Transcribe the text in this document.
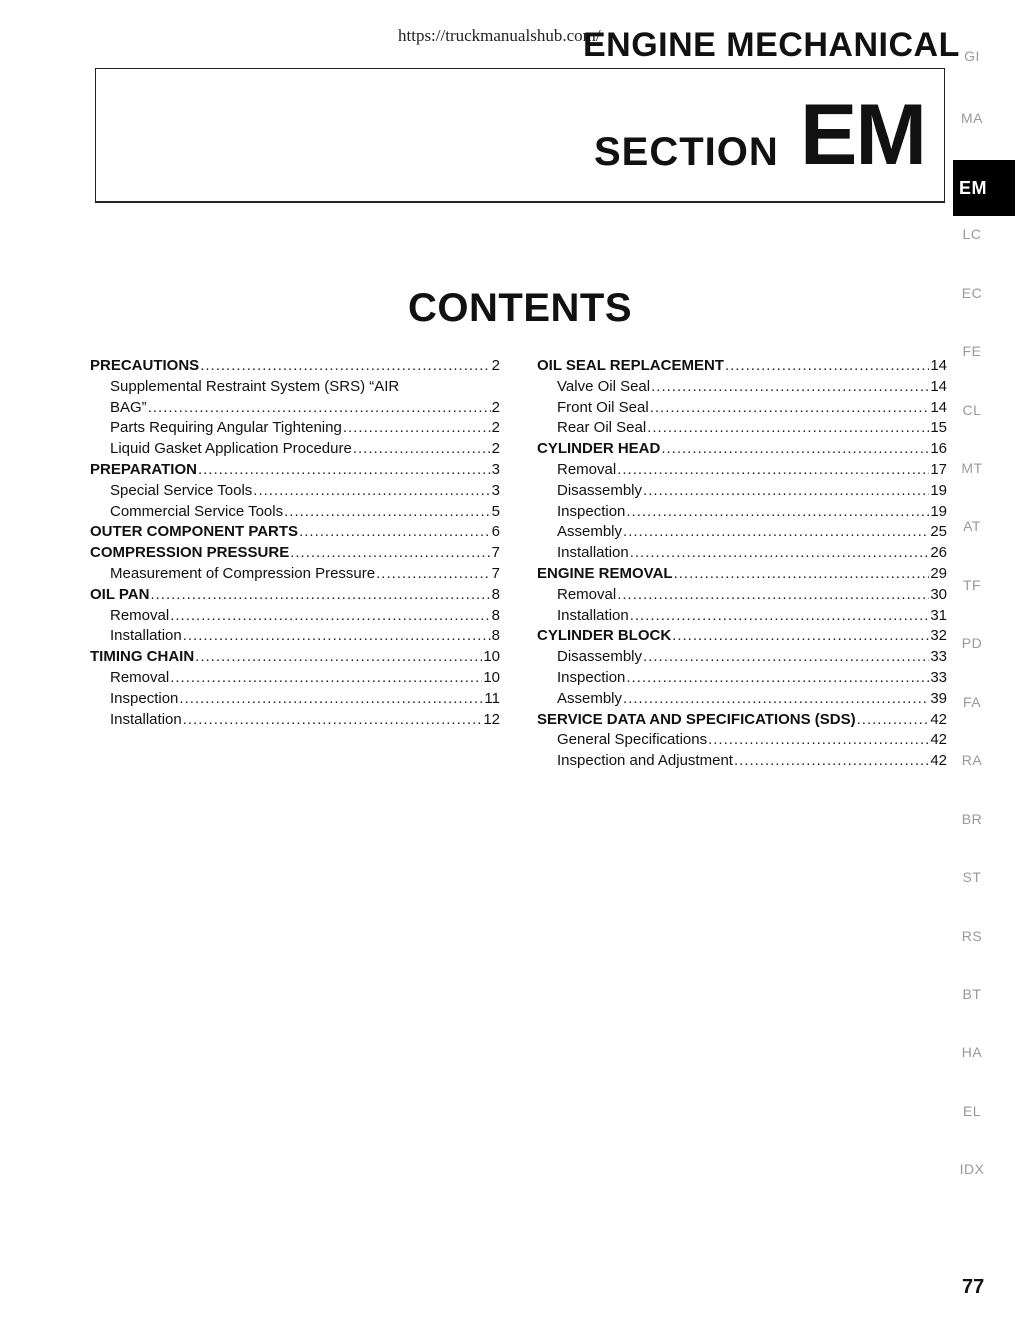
https://truckmanualshub.com/
ENGINE MECHANICAL
SECTION EM
CONTENTS
PRECAUTIONS .....	2
Supplemental Restraint System (SRS) “AIR
BAG” .....	2
Parts Requiring Angular Tightening .....	2
Liquid Gasket Application Procedure .....	2
PREPARATION .....	3
Special Service Tools .....	3
Commercial Service Tools .....	5
OUTER COMPONENT PARTS .....	6
COMPRESSION PRESSURE .....	7
Measurement of Compression Pressure .....	7
OIL PAN .....	8
Removal .....	8
Installation .....	8
TIMING CHAIN .....	10
Removal .....	10
Inspection .....	11
Installation .....	12
OIL SEAL REPLACEMENT .....	14
Valve Oil Seal .....	14
Front Oil Seal .....	14
Rear Oil Seal .....	15
CYLINDER HEAD .....	16
Removal .....	17
Disassembly .....	19
Inspection .....	19
Assembly .....	25
Installation .....	26
ENGINE REMOVAL .....	29
Removal .....	30
Installation .....	31
CYLINDER BLOCK .....	32
Disassembly .....	33
Inspection .....	33
Assembly .....	39
SERVICE DATA AND SPECIFICATIONS (SDS) .....	42
General Specifications .....	42
Inspection and Adjustment .....	42
GI
MA
EM
LC
EC
FE
CL
MT
AT
TF
PD
FA
RA
BR
ST
RS
BT
HA
EL
IDX
77
